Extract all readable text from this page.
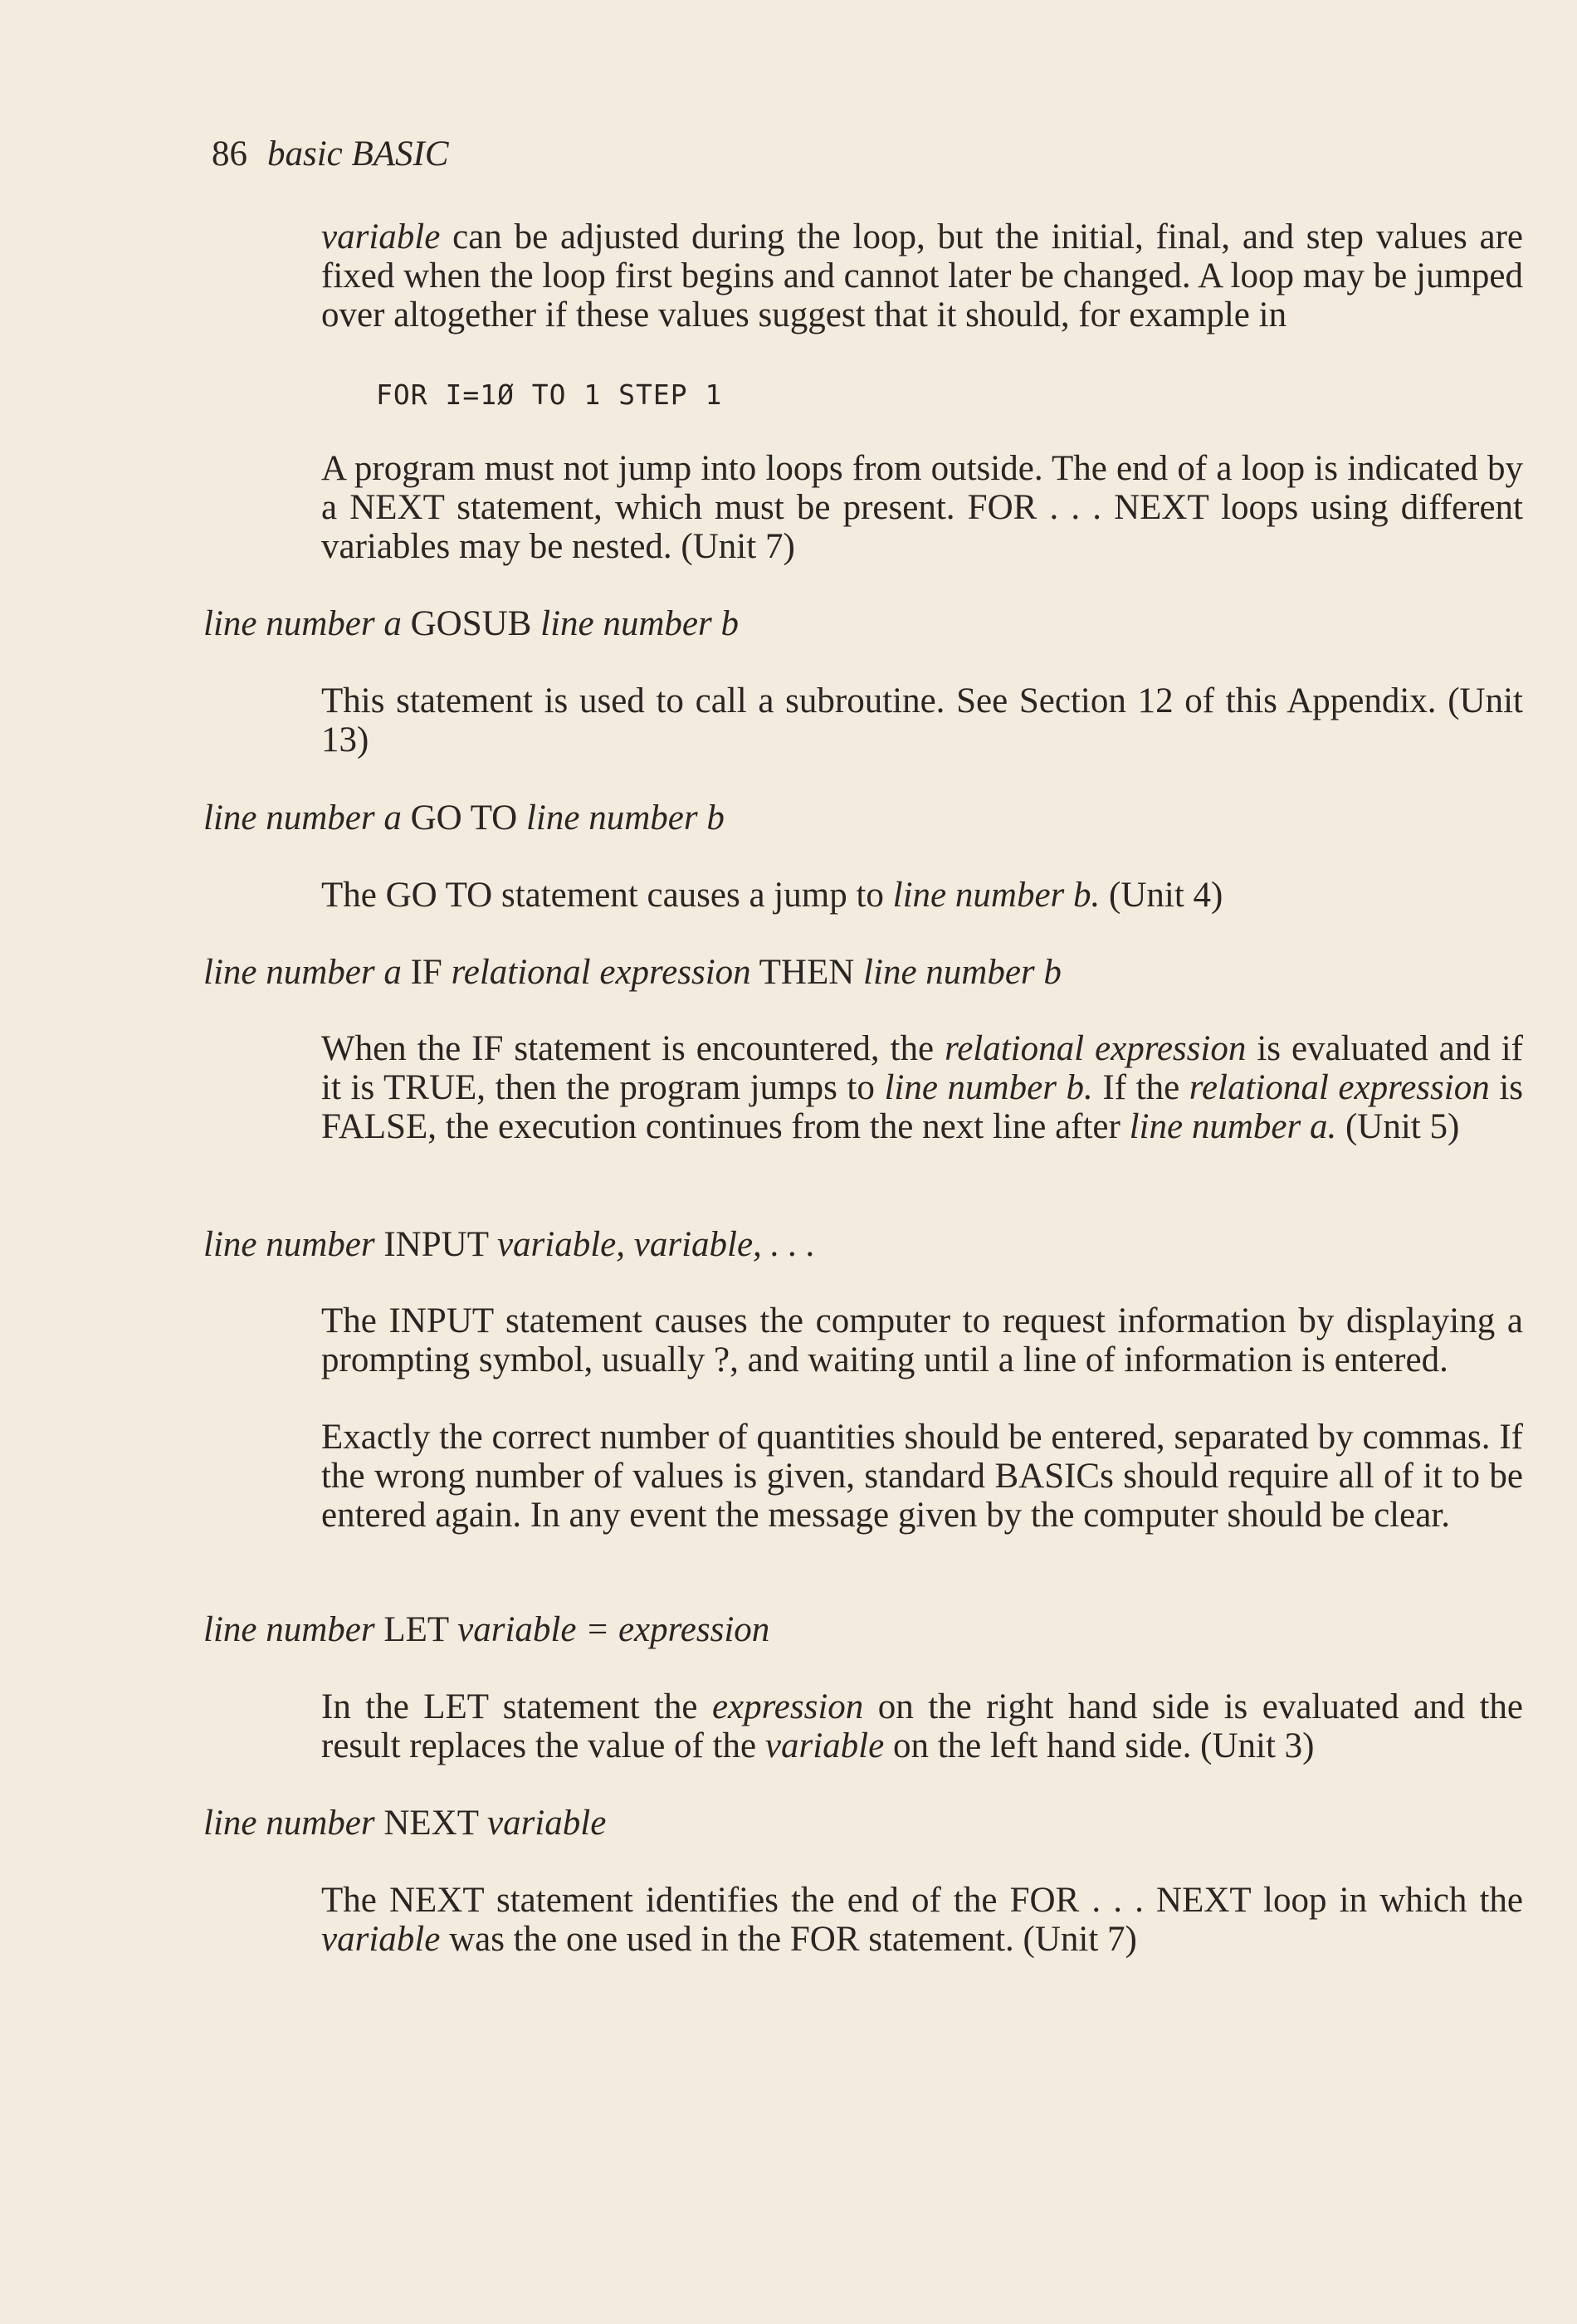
86 basic BASIC

variable can be adjusted during the loop, but the initial, final, and step values are fixed when the loop first begins and cannot later be changed. A loop may be jumped over altogether if these values suggest that it should, for example in

FOR I=1Ø TO 1 STEP 1

A program must not jump into loops from outside. The end of a loop is indicated by a NEXT statement, which must be present. FOR . . . NEXT loops using different variables may be nested. (Unit 7)

line number a GOSUB line number b

This statement is used to call a subroutine. See Section 12 of this Appendix. (Unit 13)

line number a GO TO line number b

The GO TO statement causes a jump to line number b. (Unit 4)

line number a IF relational expression THEN line number b

When the IF statement is encountered, the relational expression is evaluated and if it is TRUE, then the program jumps to line number b. If the relational expression is FALSE, the execution continues from the next line after line number a. (Unit 5)

line number INPUT variable, variable, . . .

The INPUT statement causes the computer to request information by displaying a prompting symbol, usually ?, and waiting until a line of information is entered.

Exactly the correct number of quantities should be entered, separated by commas. If the wrong number of values is given, standard BASICs should require all of it to be entered again. In any event the message given by the computer should be clear.

line number LET variable = expression

In the LET statement the expression on the right hand side is evaluated and the result replaces the value of the variable on the left hand side. (Unit 3)

line number NEXT variable

The NEXT statement identifies the end of the FOR . . . NEXT loop in which the variable was the one used in the FOR statement. (Unit 7)
